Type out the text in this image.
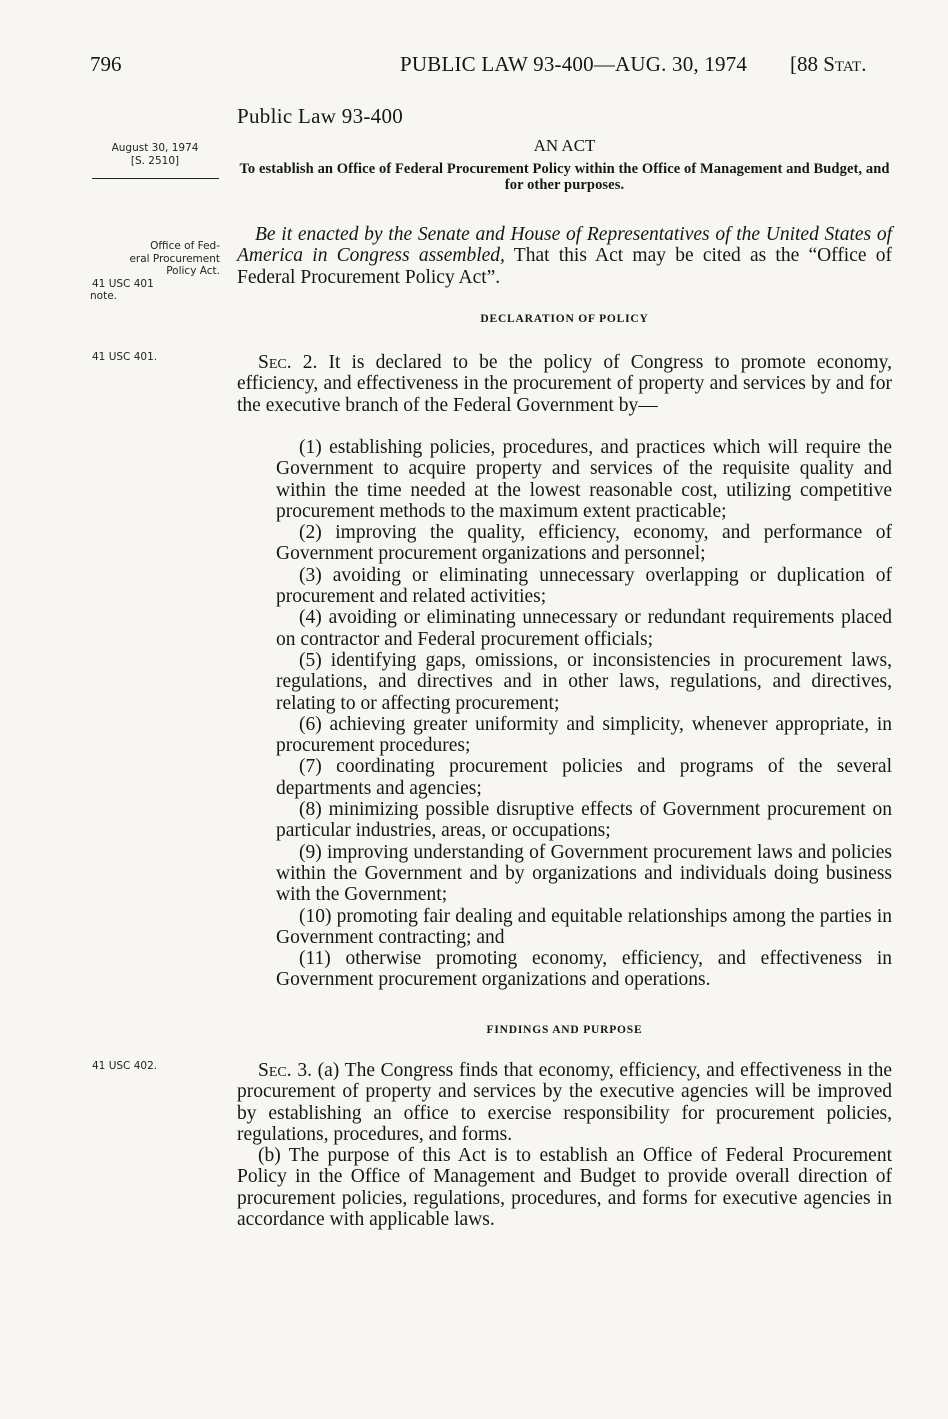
796	PUBLIC LAW 93-400—AUG. 30, 1974 [88 Stat.
Public Law 93-400
August 30, 1974
[S. 2510]
AN ACT
To establish an Office of Federal Procurement Policy within the Office of Management and Budget, and for other purposes.
Office of Fed-
eral Procurement
Policy Act.
41 USC 401
note.
Be it enacted by the Senate and House of Representatives of the United States of America in Congress assembled, That this Act may be cited as the “Office of Federal Procurement Policy Act”.
DECLARATION OF POLICY
41 USC 401.	Sec. 2. It is declared to be the policy of Congress to promote economy, efficiency, and effectiveness in the procurement of property and services by and for the executive branch of the Federal Government by—

(1) establishing policies, procedures, and practices which will require the Government to acquire property and services of the requisite quality and within the time needed at the lowest reasonable cost, utilizing competitive procurement methods to the maximum extent practicable;

(2) improving the quality, efficiency, economy, and performance of Government procurement organizations and personnel;

(3) avoiding or eliminating unnecessary overlapping or duplication of procurement and related activities;

(4) avoiding or eliminating unnecessary or redundant requirements placed on contractor and Federal procurement officials;

(5) identifying gaps, omissions, or inconsistencies in procurement laws, regulations, and directives and in other laws, regulations, and directives, relating to or affecting procurement;

(6) achieving greater uniformity and simplicity, whenever appropriate, in procurement procedures;

(7) coordinating procurement policies and programs of the several departments and agencies;

(8) minimizing possible disruptive effects of Government procurement on particular industries, areas, or occupations;

(9) improving understanding of Government procurement laws and policies within the Government and by organizations and individuals doing business with the Government;

(10) promoting fair dealing and equitable relationships among the parties in Government contracting; and

(11) otherwise promoting economy, efficiency, and effectiveness in Government procurement organizations and operations.

FINDINGS AND PURPOSE
41 USC 402.	Sec. 3. (a) The Congress finds that economy, efficiency, and effectiveness in the procurement of property and services by the executive agencies will be improved by establishing an office to exercise responsibility for procurement policies, regulations, procedures, and forms.

(b) The purpose of this Act is to establish an Office of Federal Procurement Policy in the Office of Management and Budget to provide overall direction of procurement policies, regulations, procedures, and forms for executive agencies in accordance with applicable laws.
